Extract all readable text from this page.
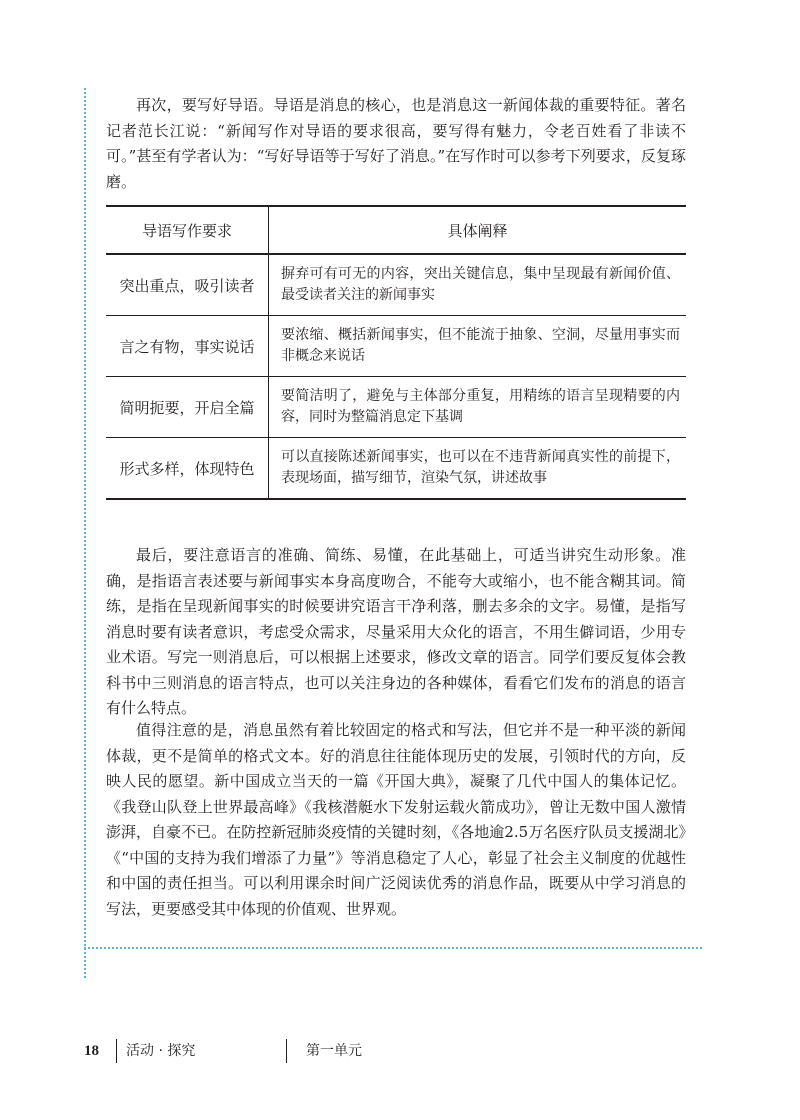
再次，要写好导语。导语是消息的核心，也是消息这一新闻体裁的重要特征。著名记者范长江说：“新闻写作对导语的要求很高，要写得有魅力，令老百姓看了非读不可。”甚至有学者认为：“写好导语等于写好了消息。”在写作时可以参考下列要求，反复琢磨。

导语写作要求	具体阐释
突出重点，吸引读者	摒弃可有可无的内容，突出关键信息，集中呈现最有新闻价值、最受读者关注的新闻事实
言之有物，事实说话	要浓缩、概括新闻事实，但不能流于抽象、空洞，尽量用事实而非概念来说话
简明扼要，开启全篇	要简洁明了，避免与主体部分重复，用精练的语言呈现精要的内容，同时为整篇消息定下基调
形式多样，体现特色	可以直接陈述新闻事实，也可以在不违背新闻真实性的前提下，表现场面，描写细节，渲染气氛，讲述故事

最后，要注意语言的准确、简练、易懂，在此基础上，可适当讲究生动形象。准确，是指语言表述要与新闻事实本身高度吻合，不能夸大或缩小，也不能含糊其词。简练，是指在呈现新闻事实的时候要讲究语言干净利落，删去多余的文字。易懂，是指写消息时要有读者意识，考虑受众需求，尽量采用大众化的语言，不用生僻词语，少用专业术语。写完一则消息后，可以根据上述要求，修改文章的语言。同学们要反复体会教科书中三则消息的语言特点，也可以关注身边的各种媒体，看看它们发布的消息的语言有什么特点。

值得注意的是，消息虽然有着比较固定的格式和写法，但它并不是一种平淡的新闻体裁，更不是简单的格式文本。好的消息往往能体现历史的发展，引领时代的方向，反映人民的愿望。新中国成立当天的一篇《开国大典》，凝聚了几代中国人的集体记忆。《我登山队登上世界最高峰》《我核潜艇水下发射运载火箭成功》，曾让无数中国人激情澎湃，自豪不已。在防控新冠肺炎疫情的关键时刻，《各地逾2.5万名医疗队员支援湖北》《“中国的支持为我们增添了力量”》等消息稳定了人心，彰显了社会主义制度的优越性和中国的责任担当。可以利用课余时间广泛阅读优秀的消息作品，既要从中学习消息的写法，更要感受其中体现的价值观、世界观。

18 活动 · 探究	第一单元
